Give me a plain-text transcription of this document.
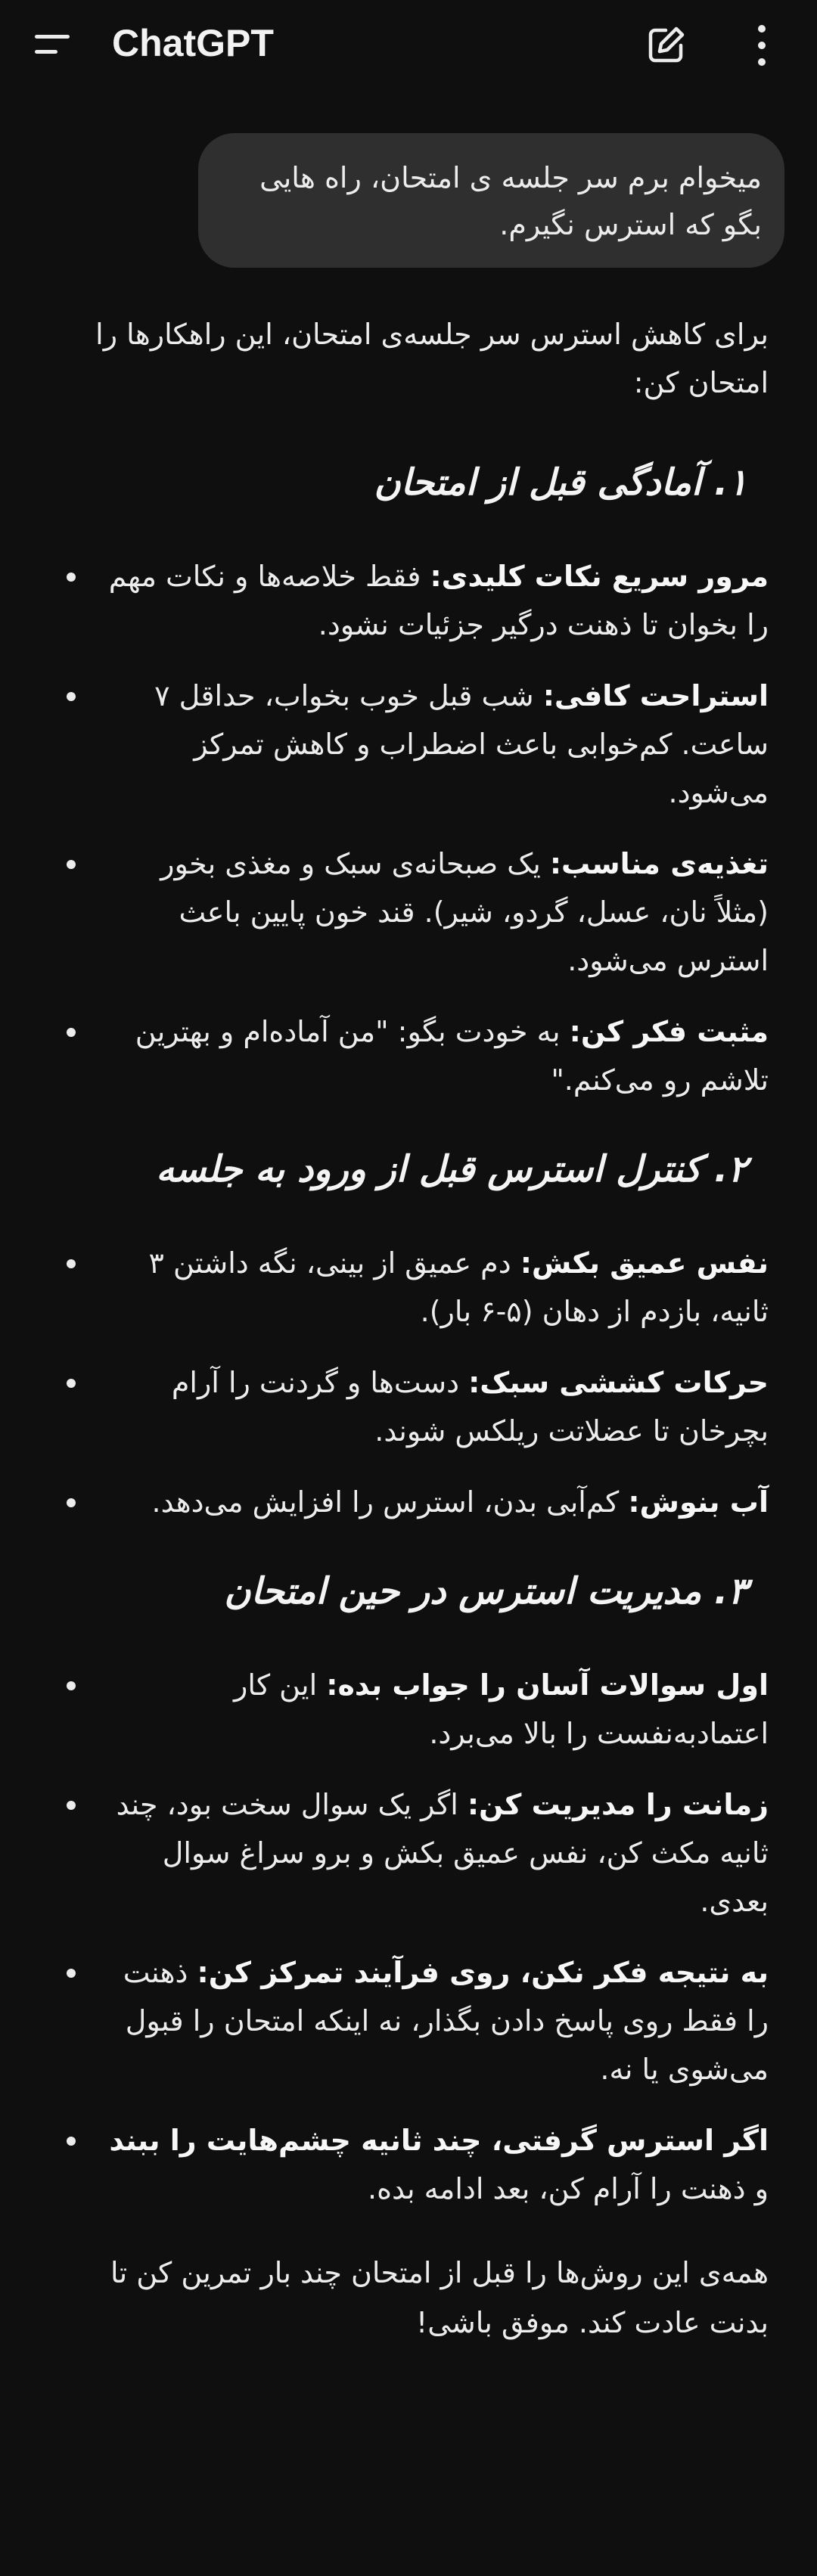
ChatGPT
میخوام برم سر جلسه ی امتحان، راه هایی بگو که استرس نگیرم.

برای کاهش استرس سر جلسه‌ی امتحان، این راهکارها را امتحان کن:

۱. آمادگی قبل از امتحان
مرور سریع نکات کلیدی: فقط خلاصه‌ها و نکات مهم را بخوان تا ذهنت درگیر جزئیات نشود.
استراحت کافی: شب قبل خوب بخواب، حداقل ۷ ساعت. کم‌خوابی باعث اضطراب و کاهش تمرکز می‌شود.
تغذیه‌ی مناسب: یک صبحانه‌ی سبک و مغذی بخور (مثلاً نان، عسل، گردو، شیر). قند خون پایین باعث استرس می‌شود.
مثبت فکر کن: به خودت بگو: "من آماده‌ام و بهترین تلاشم رو می‌کنم."
۲. کنترل استرس قبل از ورود به جلسه
نفس عمیق بکش: دم عمیق از بینی، نگه داشتن ۳ ثانیه، بازدم از دهان (۵-۶ بار).
حرکات کششی سبک: دست‌ها و گردنت را آرام بچرخان تا عضلاتت ریلکس شوند.
آب بنوش: کم‌آبی بدن، استرس را افزایش می‌دهد.
۳. مدیریت استرس در حین امتحان
اول سوالات آسان را جواب بده: این کار اعتمادبه‌نفست را بالا می‌برد.
زمانت را مدیریت کن: اگر یک سوال سخت بود، چند ثانیه مکث کن، نفس عمیق بکش و برو سراغ سوال بعدی.
به نتیجه فکر نکن، روی فرآیند تمرکز کن: ذهنت را فقط روی پاسخ دادن بگذار، نه اینکه امتحان را قبول می‌شوی یا نه.
اگر استرس گرفتی، چند ثانیه چشم‌هایت را ببند و ذهنت را آرام کن، بعد ادامه بده.

همه‌ی این روش‌ها را قبل از امتحان چند بار تمرین کن تا بدنت عادت کند. موفق باشی!
